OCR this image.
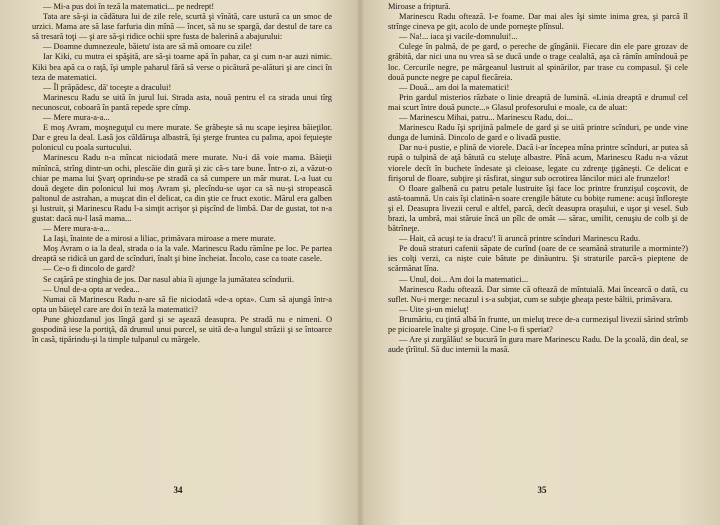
— Mi-a pus doi în teză la matematici... pe nedrept!

Tata are să-şi ia cădătura lui de zile rele, scurtă şi vînătă, care ustură ca un smoc de urzici. Mama are să lase farfuria din mînă — încet, să nu se spargă, dar destul de tare ca să tresară toţi — şi are să-şi ridice ochii spre fusta de balerină a abajurului:

— Doamne dumnezeule, băietu' ista are să mă omoare cu zile!

Iar Kiki, cu mutra ei spăşită, are să-şi toarne apă în pahar, ca şi cum n-ar auzi nimic. Kiki bea apă ca o raţă, îşi umple paharul fără să verse o picătură pe-alături şi are cinci în teza de matematici.

— Îl prăpădesc, dă' toceşte a dracului!

Marinescu Radu se uită în jurul lui. Strada asta, nouă pentru el ca strada unui tîrg necunoscut, coboară în pantă repede spre cîmp.

— Mere mura-a-a...

E moş Avram, moşneguţul cu mere murate. Se grăbeşte să nu scape ieşirea băieţilor. Dar e greu la deal. Lasă jos căldăruşa albastră, îşi şterge fruntea cu palma, apoi feţuieşte polonicul cu poala surtucului.

Marinescu Radu n-a mîncat niciodată mere murate. Nu-i dă voie mama. Băieţii mînîncă, strîng dintr-un ochi, plescăie din gură şi zic că-s tare bune. Într-o zi, a văzut-o chiar pe mama lui Şvarţ oprindu-se pe stradă ca să cumpere un măr murat. L-a luat cu două degete din polonicul lui moş Avram şi, plecîndu-se uşor ca să nu-şi stropească paltonul de astrahan, a muşcat din el delicat, ca din ştie ce fruct exotic. Mărul era galben şi lustruit, şi Marinescu Radu l-a simţit acrişor şi pişcînd de limbă. Dar de gustat, tot n-a gustat: dacă nu-l lasă mama...

— Mere mura-a-a...

La Iaşi, înainte de a mirosi a liliac, primăvara miroase a mere murate.

Moş Avram o ia la deal, strada o ia la vale. Marinescu Radu rămîne pe loc. Pe partea dreaptă se ridică un gard de scînduri, înalt şi bine încheiat. Încolo, case ca toate casele.

— Ce-o fi dincolo de gard?

Se caţără pe stinghia de jos. Dar nasul abia îi ajunge la jumătatea scîndurii.

— Unul de-a opta ar vedea...

Numai că Marinescu Radu n-are să fie niciodată «de-a opta». Cum să ajungă într-a opta un băieţel care are doi în teză la matematici?

Pune ghiozdanul jos lîngă gard şi se aşează deasupra. Pe stradă nu e nimeni. O gospodină iese la portiţă, dă drumul unui purcel, se uită de-a lungul străzii şi se întoarce în casă, tipărindu-şi la timple tulpanul cu mărgele.

34

Miroase a friptură.

Marinescu Radu oftează. I-e foame. Dar mai ales îşi simte inima grea, şi parcă îl strînge cineva pe git, acolo de unde porneşte plînsul.

— Na!... iaca şi vacile-domnului!...

Culege în palmă, de pe gard, o pereche de gîngănii. Fiecare din ele pare grozav de grăbită, dar nici una nu vrea să se ducă unde o trage cealaltă, aşa că rămîn amîndouă pe loc. Cercurile negre, pe mărgeanul lustruit al spinărilor, par trase cu compasul. Şi cele două puncte negre pe capul fiecăreia.

— Două... am doi la matematici!

Prin gardul misterios răzbate o linie dreaptă de lumină. «Linia dreaptă e drumul cel mai scurt între două puncte...» Glasul profesorului e moale, ca de aluat:

— Marinescu Mihai, patru... Marinescu Radu, doi...

Marinescu Radu îşi sprijină palmele de gard şi se uită printre scînduri, pe unde vine dunga de lumină. Dincolo de gard e o livadă pustie.

Dar nu-i pustie, e plină de viorele. Dacă i-ar începea mîna printre scînduri, ar putea să rupă o tulpină de aţă bătută cu steluţe albastre. Pînă acum, Marinescu Radu n-a văzut viorele decît în buchete îndesate şi cleioase, legate cu zdrenţe ţigăneşti. Ce delicat e firişorul de floare, subţire şi răsfirat, singur sub ocrotirea lăncilor mici ale frunzelor!

O floare galbenă cu patru petale lustruite îşi face loc printre frunzişul coşcovit, de astă-toamnă. Un cais îşi clatină-n soare crengile bătute cu bobițe rumene: acuşi înfloreşte şi el. Deasupra livezii cerul e altfel, parcă, decît deasupra oraşului, e uşor şi vesel. Sub brazi, la umbră, mai stăruie încă un pîlc de omăt — sărac, umilit, cenuşiu de colb şi de bătrîneţe.

— Hait, că acuşi te ia dracu'! îi aruncă printre scînduri Marinescu Radu.

Pe două straturi cafenii săpate de curînd (oare de ce seamănă straturile a morminte?) ies colţi verzi, ca niște cuie bătute pe dinăuntru. Şi straturile parcă-s pieptene de scărmănat lîna.

— Unul, doi... Am doi la matematici...

Marinescu Radu oftează. Dar simte că oftează de mîntuială. Mai încearcă o dată, cu suflet. Nu-i merge: necazul i s-a subţiat, cum se subţie gheaţa peste băltii, primăvara.

— Uite şi-un mieluţ!

Brumăriu, cu ţintă albă în frunte, un mieluţ trece de-a curmezişul livezii sărind strîmb pe picioarele înalte şi groşuţe. Cine l-o fi speriat?

— Are şi zurgălău! se bucură în gura mare Marinescu Radu. De la şcoală, din deal, se aude ţîrîitul. Să duc internii la masă.

35
